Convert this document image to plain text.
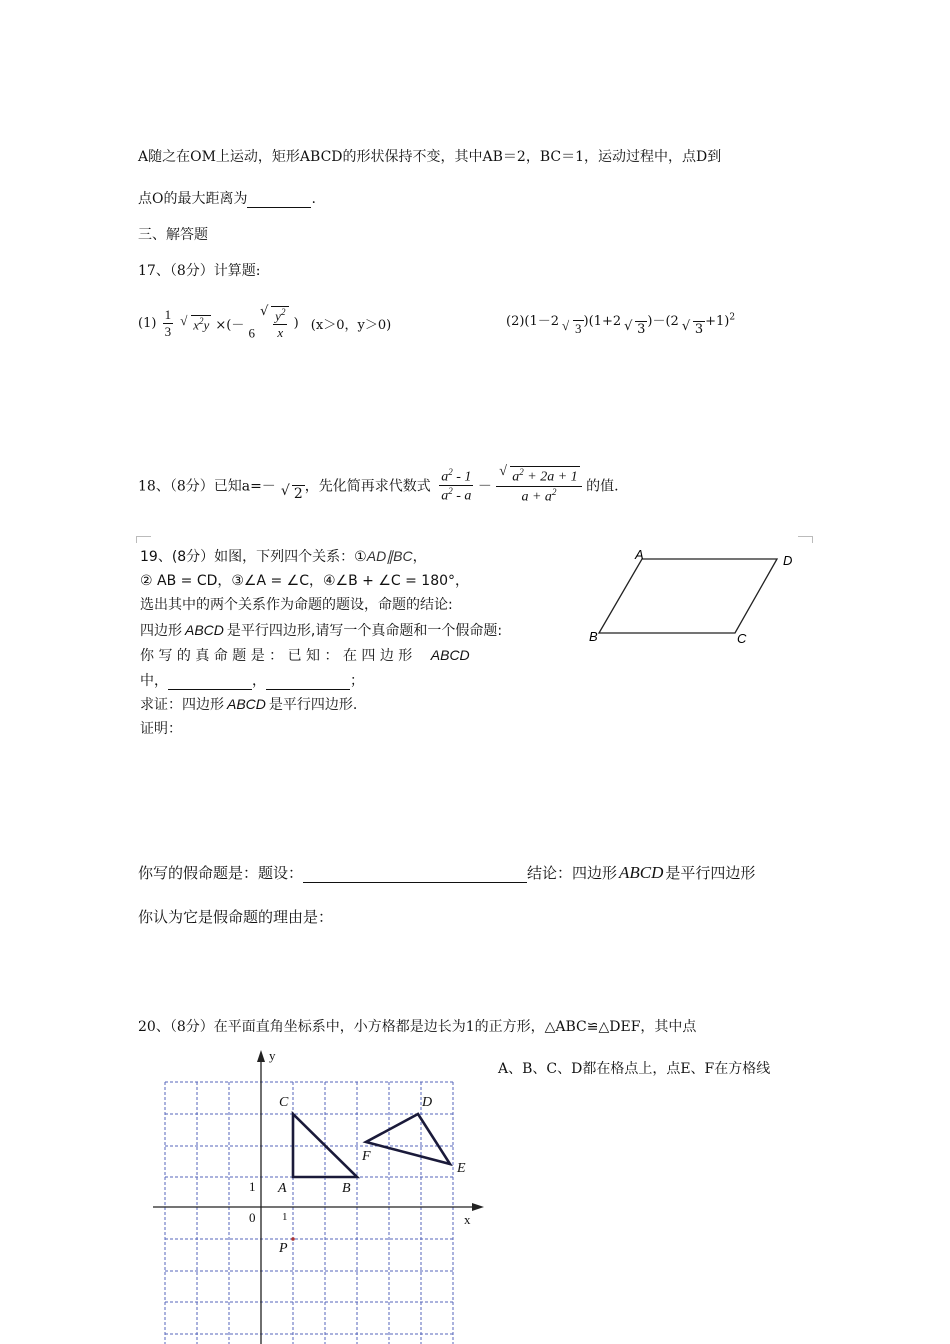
A随之在OM上运动，矩形ABCD的形状保持不变，其中AB＝2，BC＝1，运动过程中，点D到
点O的最大距离为	.
三、解答题
17、（8分）计算题:
$(1) \frac{1}{3}$ √ $x^2y$ ×(－ 6 √ $\frac{y^2}{x}$ ) (x＞0，y＞0)	(2)(1－2 √ 3 )(1+2√ 3)－(2√ 3+1)$^2$
18、（8分）已知a=－ √ 2 ，先化简再求代数式 $\frac{a^2 - 1}{a^2 - a}$ － √ $\frac{a^2 + 2a + 1}{a + a^2}$ 的值.
19、(8分）如图，下列四个关系：①AD∥BC，
② AB = CD，③∠A = ∠C，④∠B + ∠C = 180°，
选出其中的两个关系作为命题的题设，命题的结论:
四边形 ABCD 是平行四边形,请写一个真命题和一个假命题:
你 写 的 真 命 题 是 ： 已 知 ： 在 四 边 形 ABCD
中，	，	；
求证：四边形 ABCD 是平行四边形.
证明：
A	D
B	C
你写的假命题是：题设：	结论：四边形 ABCD 是平行四边形
你认为它是假命题的理由是：
20、（8分）在平面直角坐标系中，小方格都是边长为1的正方形，△ABC≌△DEF，其中点
A、B、C、D都在格点上，点E、F在方格线
y
x
0 1
1 A	B
C	D
E
F
P
